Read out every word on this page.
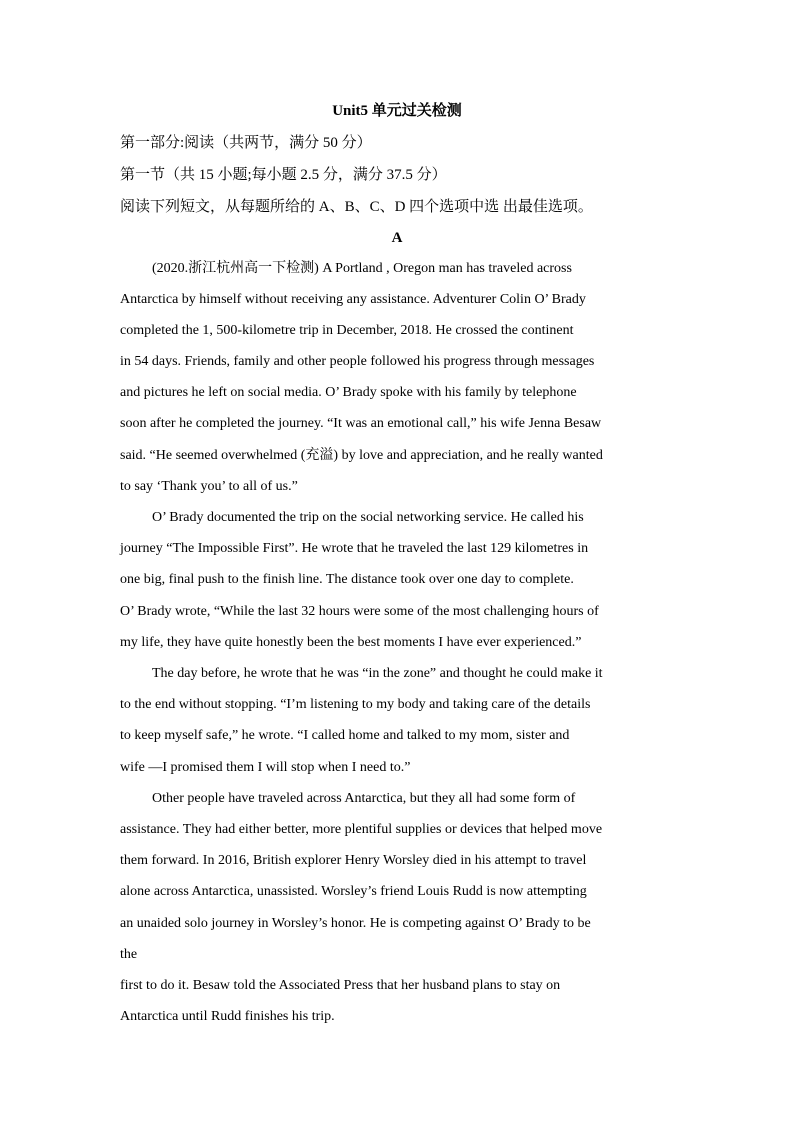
Unit5 单元过关检测
第一部分:阅读（共两节，满分 50 分）
第一节（共 15 小题;每小题 2.5 分，满分 37.5 分）
阅读下列短文，从每题所给的 A、B、C、D 四个选项中选 出最佳选项。
A
(2020.浙江杭州高一下检测) A Portland , Oregon man has traveled across
Antarctica by himself without receiving any assistance. Adventurer Colin O’ Brady
completed the 1, 500-kilometre trip in December, 2018. He crossed the continent
in 54 days. Friends, family and other people followed his progress through messages
and pictures he left on social media. O’ Brady spoke with his family by telephone
soon after he completed the journey. “It was an emotional call,” his wife Jenna Besaw
said. “He seemed overwhelmed (充溢) by love and appreciation, and he really wanted
to say ‘Thank you’ to all of us.”
O’ Brady documented the trip on the social networking service. He called his
journey “The Impossible First”. He wrote that he traveled the last 129 kilometres in
one big, final push to the finish line. The distance took over one day to complete.
O’ Brady wrote, “While the last 32 hours were some of the most challenging hours of
my life, they have quite honestly been the best moments I have ever experienced.”
The day before, he wrote that he was “in the zone” and thought he could make it
to the end without stopping. “I’m listening to my body and taking care of the details
to keep myself safe,” he wrote. “I called home and talked to my mom, sister and
wife —I promised them I will stop when I need to.”
Other people have traveled across Antarctica, but they all had some form of
assistance. They had either better, more plentiful supplies or devices that helped move
them forward. In 2016, British explorer Henry Worsley died in his attempt to travel
alone across Antarctica, unassisted. Worsley’s friend Louis Rudd is now attempting
an unaided solo journey in Worsley’s honor. He is competing against O’ Brady to be
the
first to do it. Besaw told the Associated Press that her husband plans to stay on
Antarctica until Rudd finishes his trip.
